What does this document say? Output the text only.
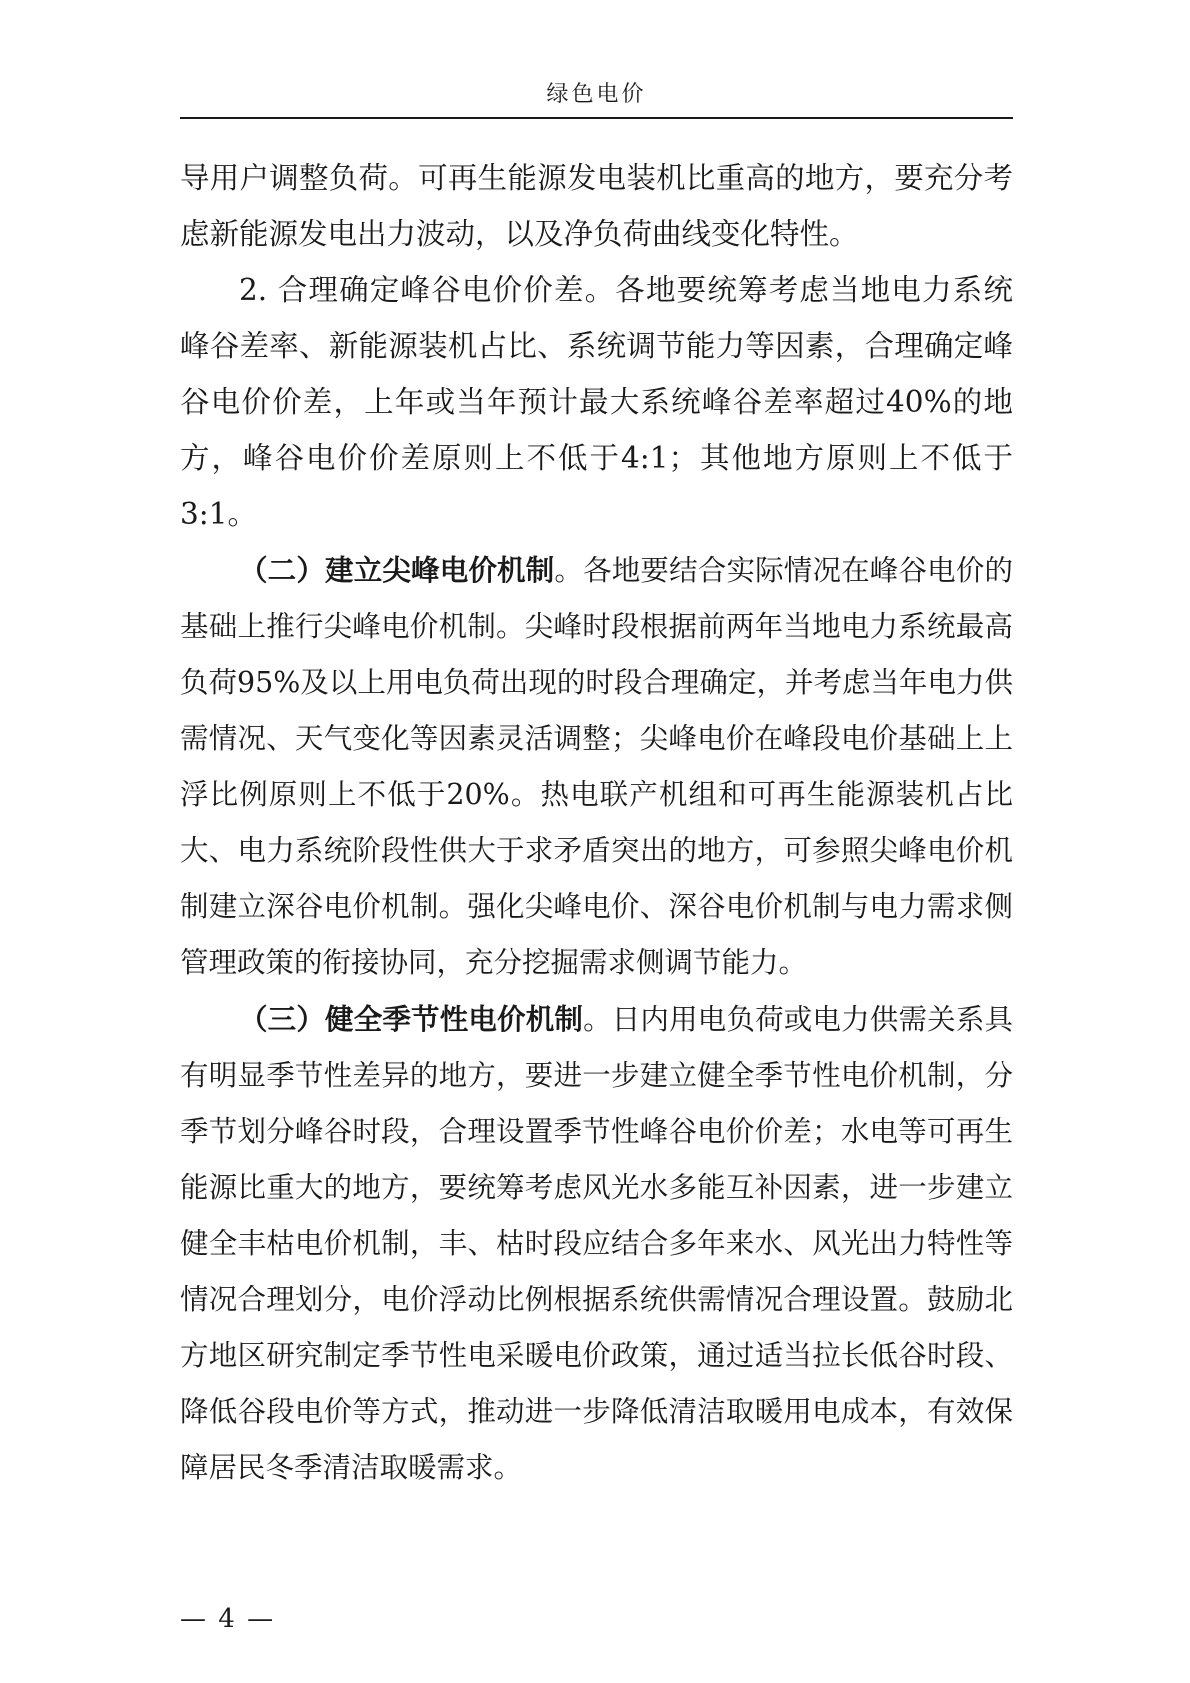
绿色电价

导用户调整负荷。可再生能源发电装机比重高的地方，要充分考虑新能源发电出力波动，以及净负荷曲线变化特性。

2. 合理确定峰谷电价价差。各地要统筹考虑当地电力系统峰谷差率、新能源装机占比、系统调节能力等因素，合理确定峰谷电价价差，上年或当年预计最大系统峰谷差率超过40%的地方，峰谷电价价差原则上不低于4:1；其他地方原则上不低于3:1。

（二）建立尖峰电价机制。各地要结合实际情况在峰谷电价的基础上推行尖峰电价机制。尖峰时段根据前两年当地电力系统最高负荷95%及以上用电负荷出现的时段合理确定，并考虑当年电力供需情况、天气变化等因素灵活调整；尖峰电价在峰段电价基础上上浮比例原则上不低于20%。热电联产机组和可再生能源装机占比大、电力系统阶段性供大于求矛盾突出的地方，可参照尖峰电价机制建立深谷电价机制。强化尖峰电价、深谷电价机制与电力需求侧管理政策的衔接协同，充分挖掘需求侧调节能力。

（三）健全季节性电价机制。日内用电负荷或电力供需关系具有明显季节性差异的地方，要进一步建立健全季节性电价机制，分季节划分峰谷时段，合理设置季节性峰谷电价价差；水电等可再生能源比重大的地方，要统筹考虑风光水多能互补因素，进一步建立健全丰枯电价机制，丰、枯时段应结合多年来水、风光出力特性等情况合理划分，电价浮动比例根据系统供需情况合理设置。鼓励北方地区研究制定季节性电采暖电价政策，通过适当拉长低谷时段、降低谷段电价等方式，推动进一步降低清洁取暖用电成本，有效保障居民冬季清洁取暖需求。

— 4 —
